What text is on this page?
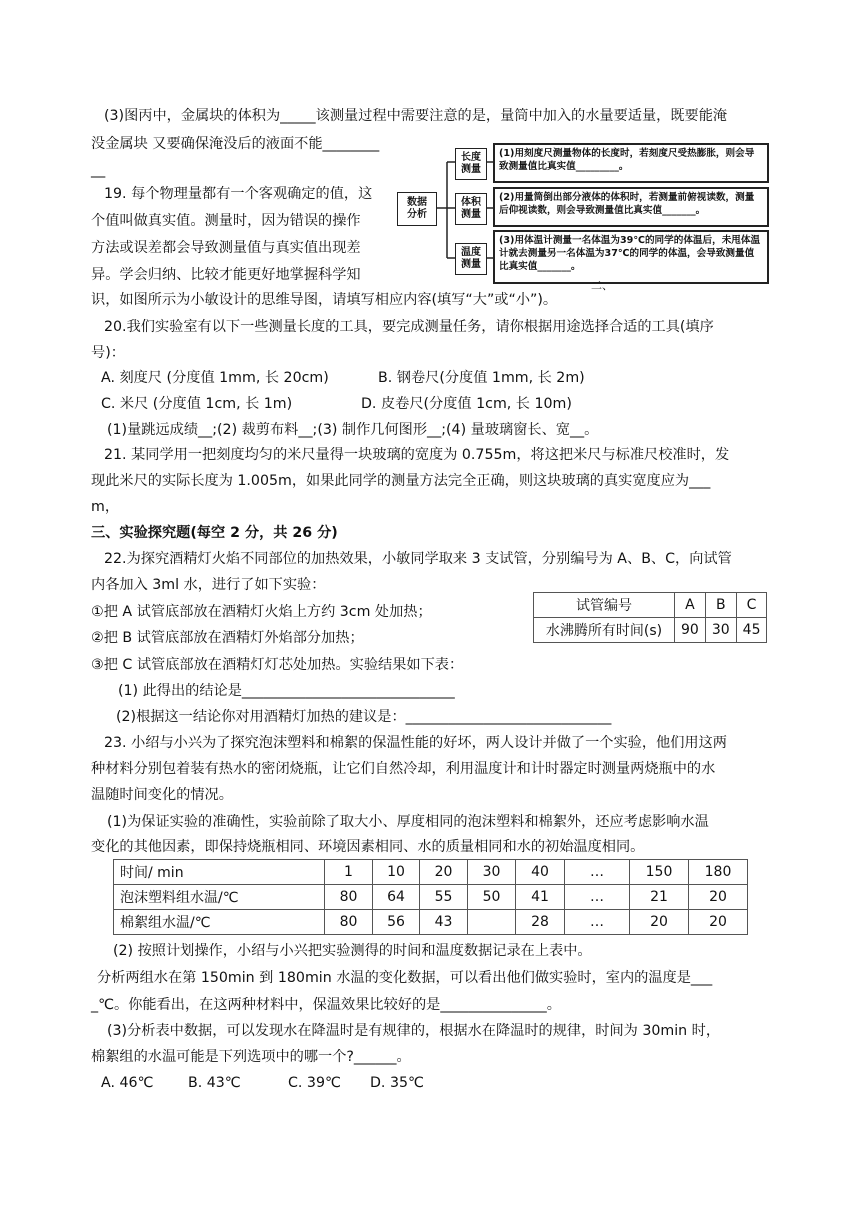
(3)图丙中，金属块的体积为_____该测量过程中需要注意的是，量筒中加入的水量要适量，既要能淹
没金属块 又要确保淹没后的液面不能________
__
19. 每个物理量都有一个客观确定的值，这
个值叫做真实值。测量时，因为错误的操作
方法或误差都会导致测量值与真实值出现差
异。学会归纳、比较才能更好地掌握科学知
识，如图所示为小敏设计的思维导图，请填写相应内容(填写“大”或“小”)。
数据
分析
长度
测量
体积
测量
温度
测量
(1)用刻度尺测量物体的长度时，若刻度尺受热膨胀，则会导致测量值比真实值_________。
(2)用量筒倒出部分液体的体积时，若测量前俯视读数，测量后仰视读数，则会导致测量值比真实值_______。
(3)用体温计测量一名体温为39℃的同学的体温后，未甩体温计就去测量另一名体温为37℃的同学的体温，会导致测量值比真实值_______。
二、
20.我们实验室有以下一些测量长度的工具，要完成测量任务，请你根据用途选择合适的工具(填序
号)：
A. 刻度尺 (分度值 1mm, 长 20cm)	B. 钢卷尺(分度值 1mm, 长 2m)
C. 米尺 (分度值 1cm, 长 1m)	D. 皮卷尺(分度值 1cm, 长 10m)
(1)量跳远成绩__;(2) 裁剪布料__;(3) 制作几何图形__;(4) 量玻璃窗长、宽__。
21. 某同学用一把刻度均匀的米尺量得一块玻璃的宽度为 0.755m，将这把米尺与标准尺校准时，发
现此米尺的实际长度为 1.005m，如果此同学的测量方法完全正确，则这块玻璃的真实宽度应为___
m，
三、实验探究题(每空 2 分，共 26 分)
22.为探究酒精灯火焰不同部位的加热效果，小敏同学取来 3 支试管，分别编号为 A、B、C，向试管
内各加入 3ml 水，进行了如下实验：
①把 A 试管底部放在酒精灯火焰上方约 3cm 处加热；
②把 B 试管底部放在酒精灯外焰部分加热；
③把 C 试管底部放在酒精灯灯芯处加热。实验结果如下表：
试管编号	A	B	C
水沸腾所有时间(s)	90	30	45
(1) 此得出的结论是______________________________
(2)根据这一结论你对用酒精灯加热的建议是：_____________________________
23. 小绍与小兴为了探究泡沫塑料和棉絮的保温性能的好坏，两人设计并做了一个实验，他们用这两
种材料分别包着装有热水的密闭烧瓶，让它们自然冷却，利用温度计和计时器定时测量两烧瓶中的水
温随时间变化的情况。
(1)为保证实验的准确性，实验前除了取大小、厚度相同的泡沫塑料和棉絮外，还应考虑影响水温
变化的其他因素，即保持烧瓶相同、环境因素相同、水的质量相同和水的初始温度相同。
时间/ min	1	10	20	30	40	…	150	180
泡沫塑料组水温/℃	80	64	55	50	41	…	21	20
棉絮组水温/℃	80	56	43		28	…	20	20
(2) 按照计划操作，小绍与小兴把实验测得的时间和温度数据记录在上表中。
分析两组水在第 150min 到 180min 水温的变化数据，可以看出他们做实验时，室内的温度是___
_℃。你能看出，在这两种材料中，保温效果比较好的是_______________。
(3)分析表中数据，可以发现水在降温时是有规律的，根据水在降温时的规律，时间为 30min 时，
棉絮组的水温可能是下列选项中的哪一个?______。
A. 46℃ B. 43℃	C. 39℃ D. 35℃
